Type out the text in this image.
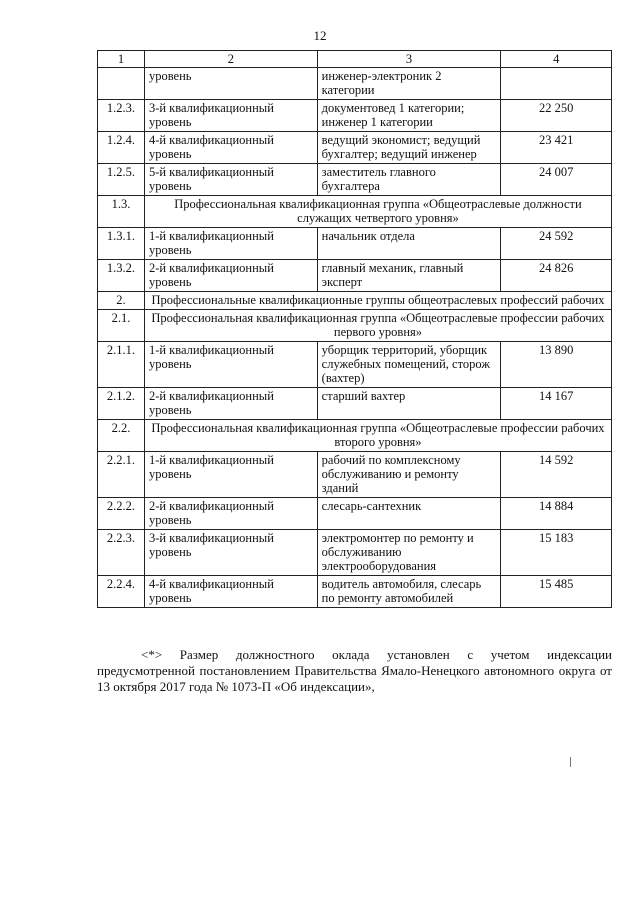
12
1	2	3	4
	уровень	инженер-электроник 2 категории	
1.2.3.	3-й квалификационный уровень	документовед 1 категории; инженер 1 категории	22 250
1.2.4.	4-й квалификационный уровень	ведущий экономист; ведущий бухгалтер; ведущий инженер	23 421
1.2.5.	5-й квалификационный уровень	заместитель главного бухгалтера	24 007
1.3.	Профессиональная квалификационная группа «Общеотраслевые должности служащих четвертого уровня»		
1.3.1.	1-й квалификационный уровень	начальник отдела	24 592
1.3.2.	2-й квалификационный уровень	главный механик, главный эксперт	24 826
2.	Профессиональные квалификационные группы общеотраслевых профессий рабочих		
2.1.	Профессиональная квалификационная группа «Общеотраслевые профессии рабочих первого уровня»		
2.1.1.	1-й квалификационный уровень	уборщик территорий, уборщик служебных помещений, сторож (вахтер)	13 890
2.1.2.	2-й квалификационный уровень	старший вахтер	14 167
2.2.	Профессиональная квалификационная группа «Общеотраслевые профессии рабочих второго уровня»		
2.2.1.	1-й квалификационный уровень	рабочий по комплексному обслуживанию и ремонту зданий	14 592
2.2.2.	2-й квалификационный уровень	слесарь-сантехник	14 884
2.2.3.	3-й квалификационный уровень	электромонтер по ремонту и обслуживанию электрооборудования	15 183
2.2.4.	4-й квалификационный уровень	водитель автомобиля, слесарь по ремонту автомобилей	15 485
<*> Размер должностного оклада установлен с учетом индексации предусмотренной постановлением Правительства Ямало-Ненецкого автономного округа от 13 октября 2017 года № 1073-П «Об индексации»,
